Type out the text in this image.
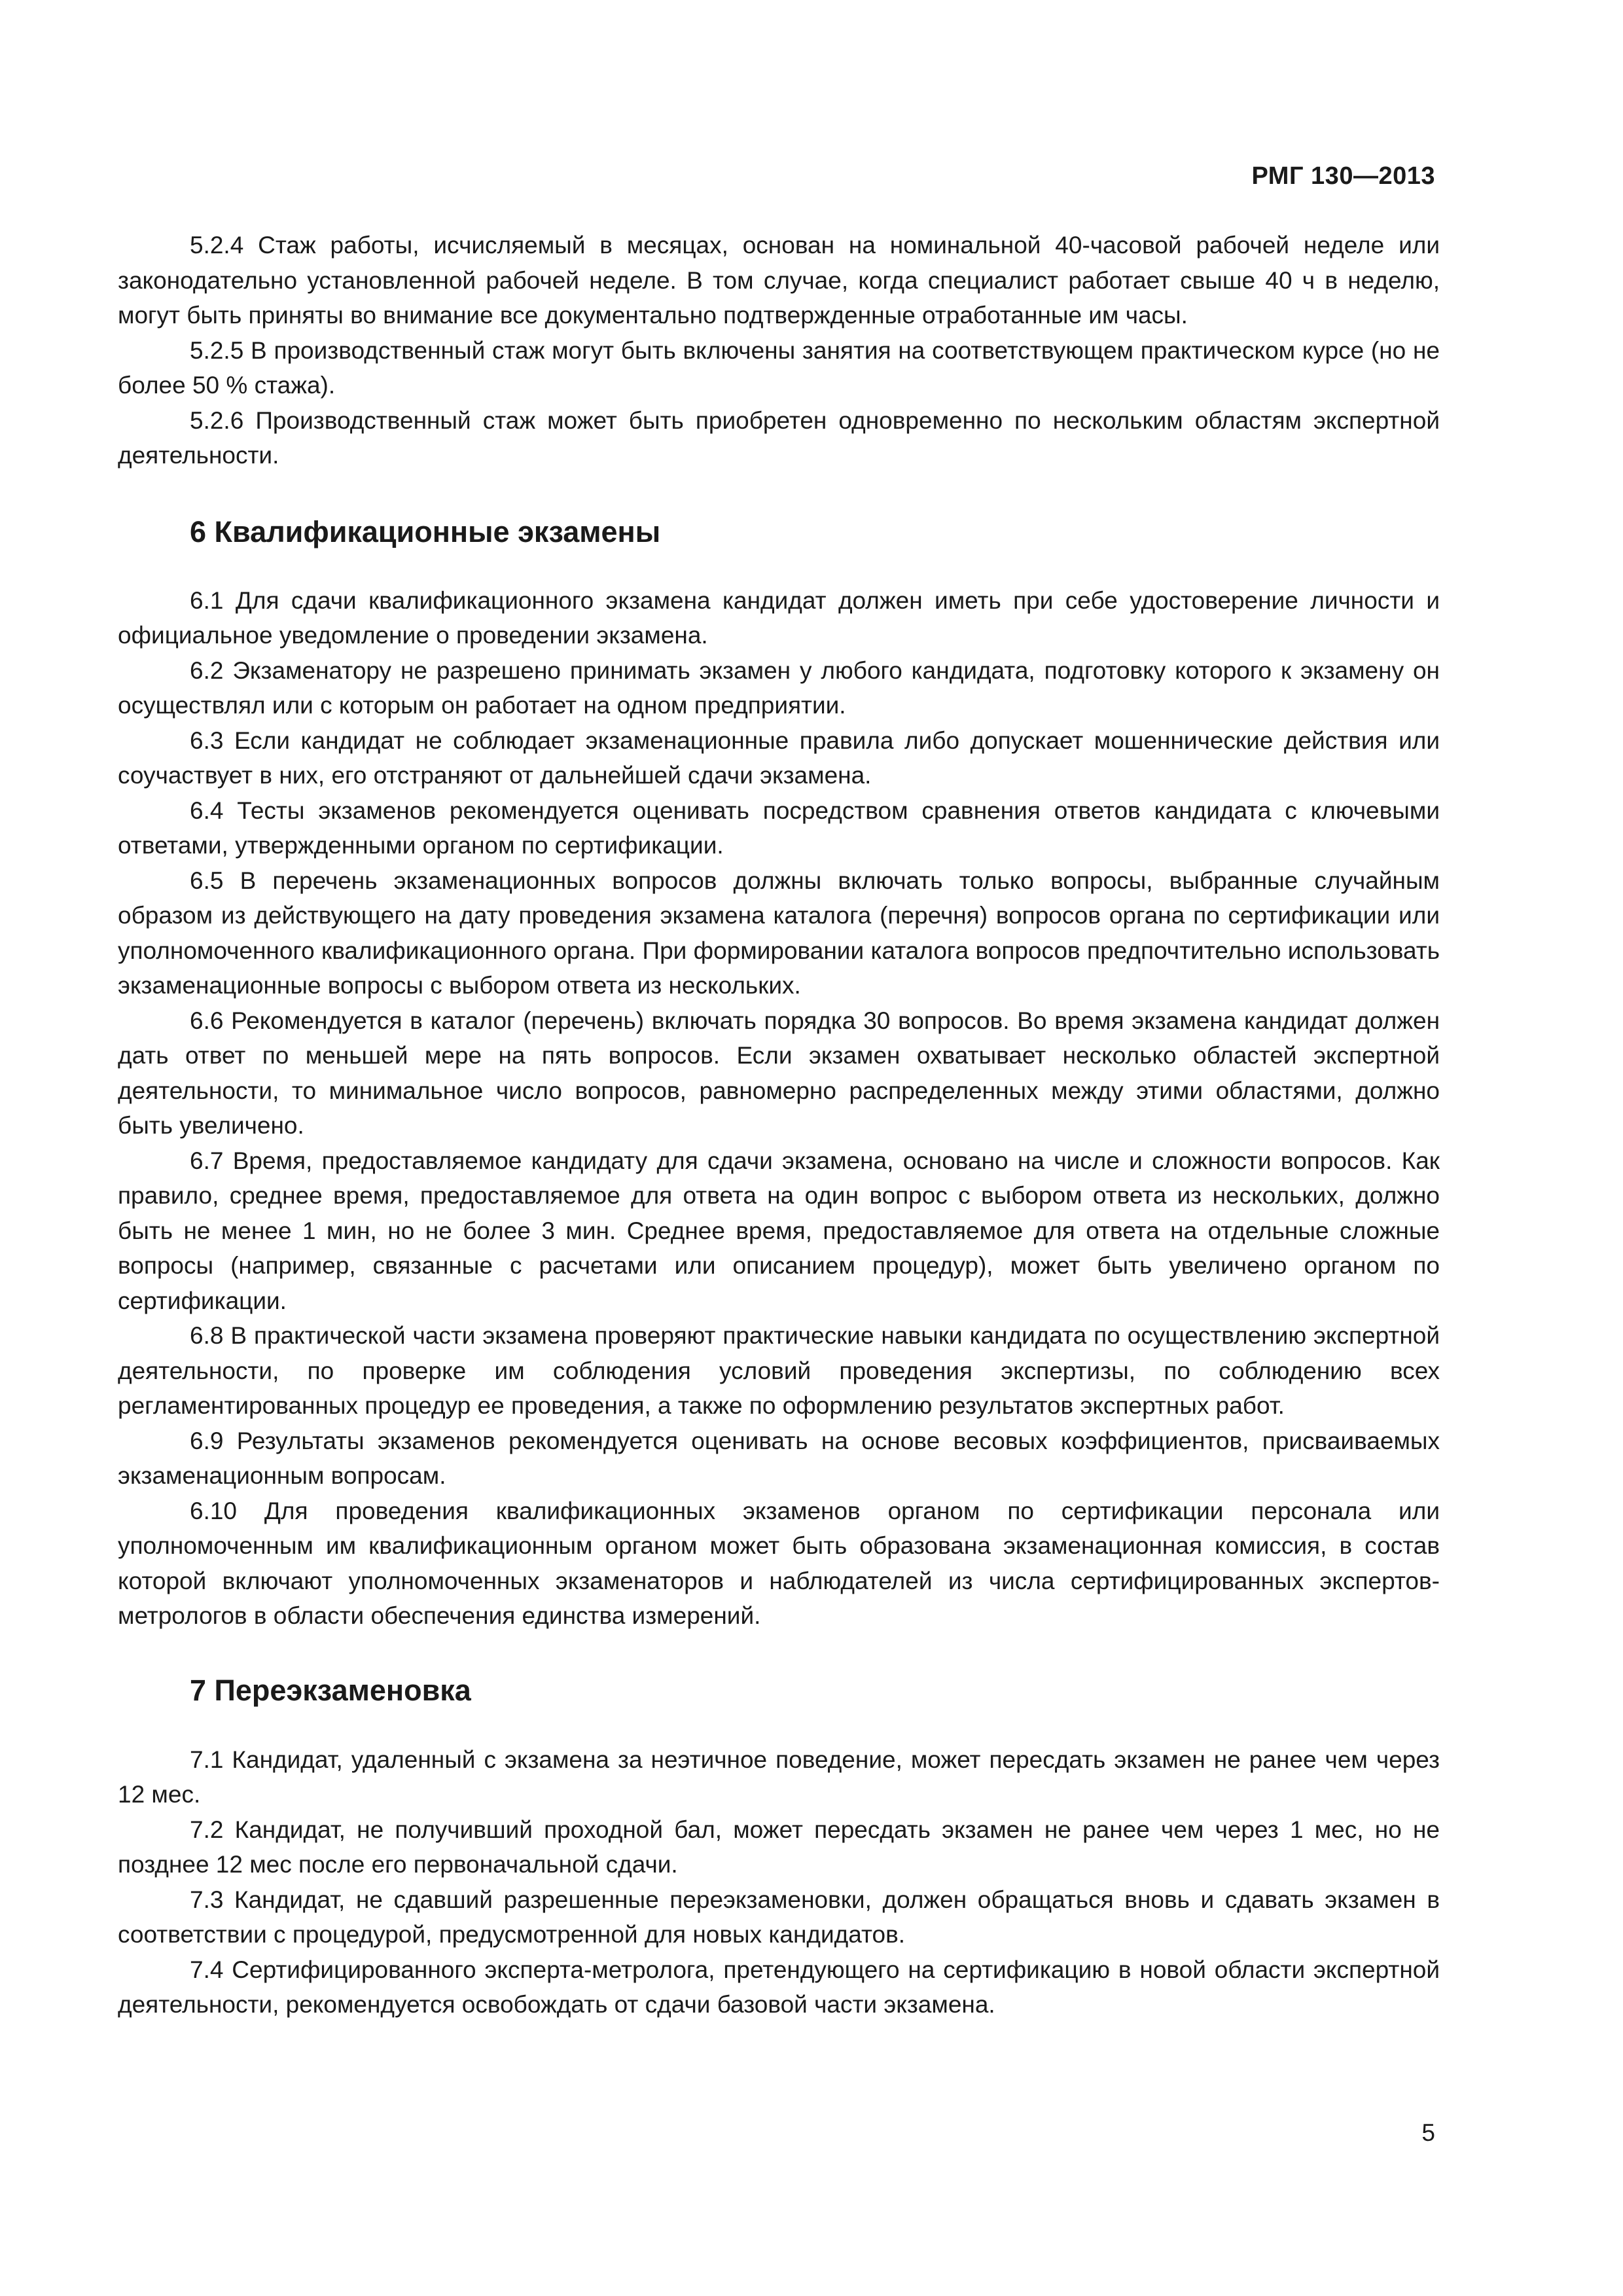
РМГ 130—2013

5.2.4 Стаж работы, исчисляемый в месяцах, основан на номинальной 40-часовой рабочей неделе или законодательно установленной рабочей неделе. В том случае, когда специалист работает свыше 40 ч в неделю, могут быть приняты во внимание все документально подтвержденные отработанные им часы.

5.2.5 В производственный стаж могут быть включены занятия на соответствующем практическом курсе (но не более 50 % стажа).

5.2.6 Производственный стаж может быть приобретен одновременно по нескольким областям экспертной деятельности.

6 Квалификационные экзамены

6.1 Для сдачи квалификационного экзамена кандидат должен иметь при себе удостоверение личности и официальное уведомление о проведении экзамена.

6.2 Экзаменатору не разрешено принимать экзамен у любого кандидата, подготовку которого к экзамену он осуществлял или с которым он работает на одном предприятии.

6.3 Если кандидат не соблюдает экзаменационные правила либо допускает мошеннические действия или соучаствует в них, его отстраняют от дальнейшей сдачи экзамена.

6.4 Тесты экзаменов рекомендуется оценивать посредством сравнения ответов кандидата с ключевыми ответами, утвержденными органом по сертификации.

6.5 В перечень экзаменационных вопросов должны включать только вопросы, выбранные случайным образом из действующего на дату проведения экзамена каталога (перечня) вопросов органа по сертификации или уполномоченного квалификационного органа. При формировании каталога вопросов предпочтительно использовать экзаменационные вопросы с выбором ответа из нескольких.

6.6 Рекомендуется в каталог (перечень) включать порядка 30 вопросов. Во время экзамена кандидат должен дать ответ по меньшей мере на пять вопросов. Если экзамен охватывает несколько областей экспертной деятельности, то минимальное число вопросов, равномерно распределенных между этими областями, должно быть увеличено.

6.7 Время, предоставляемое кандидату для сдачи экзамена, основано на числе и сложности вопросов. Как правило, среднее время, предоставляемое для ответа на один вопрос с выбором ответа из нескольких, должно быть не менее 1 мин, но не более 3 мин. Среднее время, предоставляемое для ответа на отдельные сложные вопросы (например, связанные с расчетами или описанием процедур), может быть увеличено органом по сертификации.

6.8 В практической части экзамена проверяют практические навыки кандидата по осуществлению экспертной деятельности, по проверке им соблюдения условий проведения экспертизы, по соблюдению всех регламентированных процедур ее проведения, а также по оформлению результатов экспертных работ.

6.9 Результаты экзаменов рекомендуется оценивать на основе весовых коэффициентов, присваиваемых экзаменационным вопросам.

6.10 Для проведения квалификационных экзаменов органом по сертификации персонала или уполномоченным им квалификационным органом может быть образована экзаменационная комиссия, в состав которой включают уполномоченных экзаменаторов и наблюдателей из числа сертифицированных экспертов-метрологов в области обеспечения единства измерений.

7 Переэкзаменовка

7.1 Кандидат, удаленный с экзамена за неэтичное поведение, может пересдать экзамен не ранее чем через 12 мес.

7.2 Кандидат, не получивший проходной бал, может пересдать экзамен не ранее чем через 1 мес, но не позднее 12 мес после его первоначальной сдачи.

7.3 Кандидат, не сдавший разрешенные переэкзаменовки, должен обращаться вновь и сдавать экзамен в соответствии с процедурой, предусмотренной для новых кандидатов.

7.4 Сертифицированного эксперта-метролога, претендующего на сертификацию в новой области экспертной деятельности, рекомендуется освобождать от сдачи базовой части экзамена.

5
